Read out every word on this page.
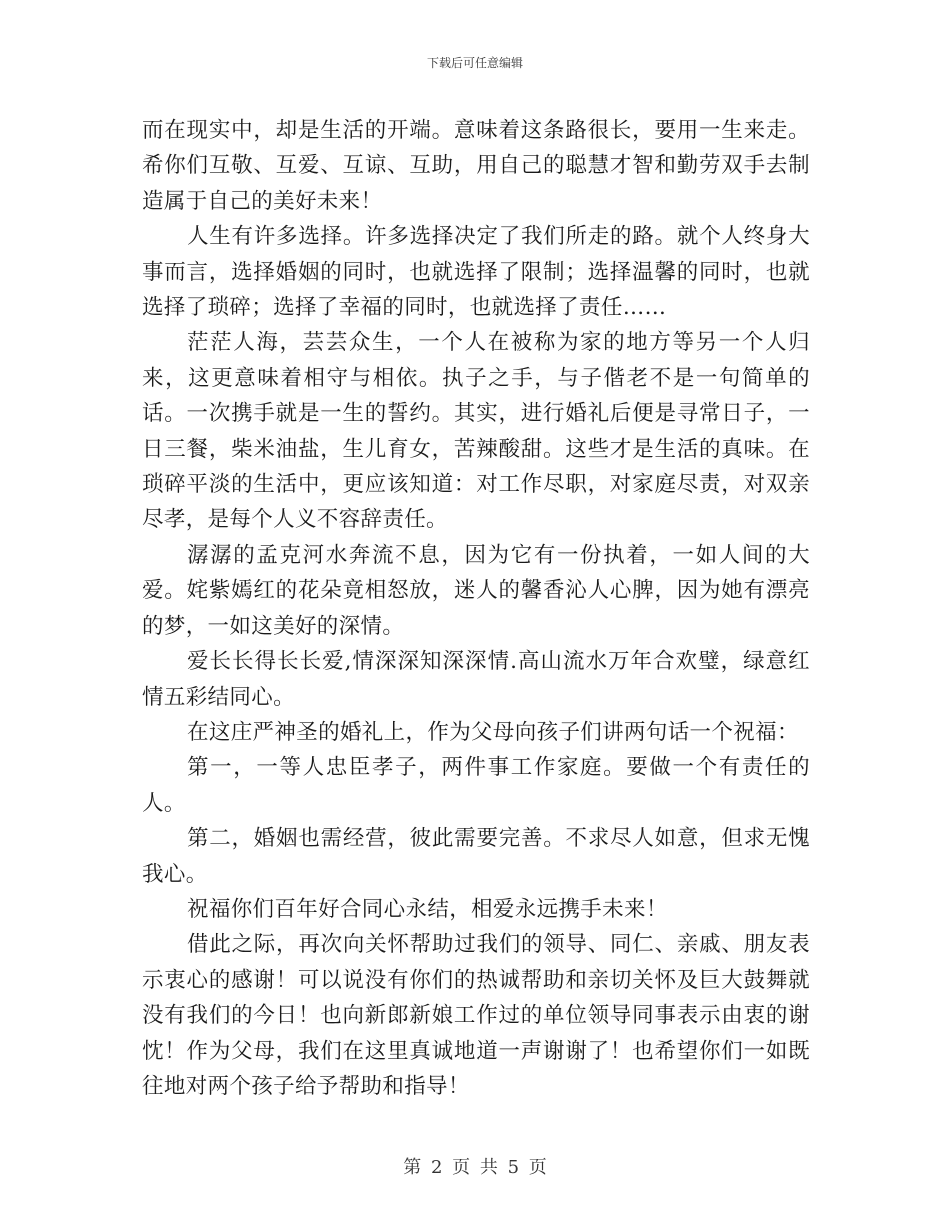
下载后可任意编辑

而在现实中，却是生活的开端。意味着这条路很长，要用一生来走。希你们互敬、互爱、互谅、互助，用自己的聪慧才智和勤劳双手去制造属于自己的美好未来！

人生有许多选择。许多选择决定了我们所走的路。就个人终身大事而言，选择婚姻的同时，也就选择了限制；选择温馨的同时，也就选择了琐碎；选择了幸福的同时，也就选择了责任……

茫茫人海，芸芸众生，一个人在被称为家的地方等另一个人归来，这更意味着相守与相依。执子之手，与子偕老不是一句简单的话。一次携手就是一生的誓约。其实，进行婚礼后便是寻常日子，一日三餐，柴米油盐，生儿育女，苦辣酸甜。这些才是生活的真味。在琐碎平淡的生活中，更应该知道：对工作尽职，对家庭尽责，对双亲尽孝，是每个人义不容辞责任。

潺潺的孟克河水奔流不息，因为它有一份执着，一如人间的大爱。姹紫嫣红的花朵竟相怒放，迷人的馨香沁人心脾，因为她有漂亮的梦，一如这美好的深情。

爱长长得长长爱,情深深知深深情.高山流水万年合欢璧，绿意红情五彩结同心。

在这庄严神圣的婚礼上，作为父母向孩子们讲两句话一个祝福：

第一，一等人忠臣孝子，两件事工作家庭。要做一个有责任的人。

第二，婚姻也需经营，彼此需要完善。不求尽人如意，但求无愧我心。

祝福你们百年好合同心永结，相爱永远携手未来！

借此之际，再次向关怀帮助过我们的领导、同仁、亲戚、朋友表示衷心的感谢！可以说没有你们的热诚帮助和亲切关怀及巨大鼓舞就没有我们的今日！也向新郎新娘工作过的单位领导同事表示由衷的谢忱！作为父母，我们在这里真诚地道一声谢谢了！也希望你们一如既往地对两个孩子给予帮助和指导！

第 2 页 共 5 页
